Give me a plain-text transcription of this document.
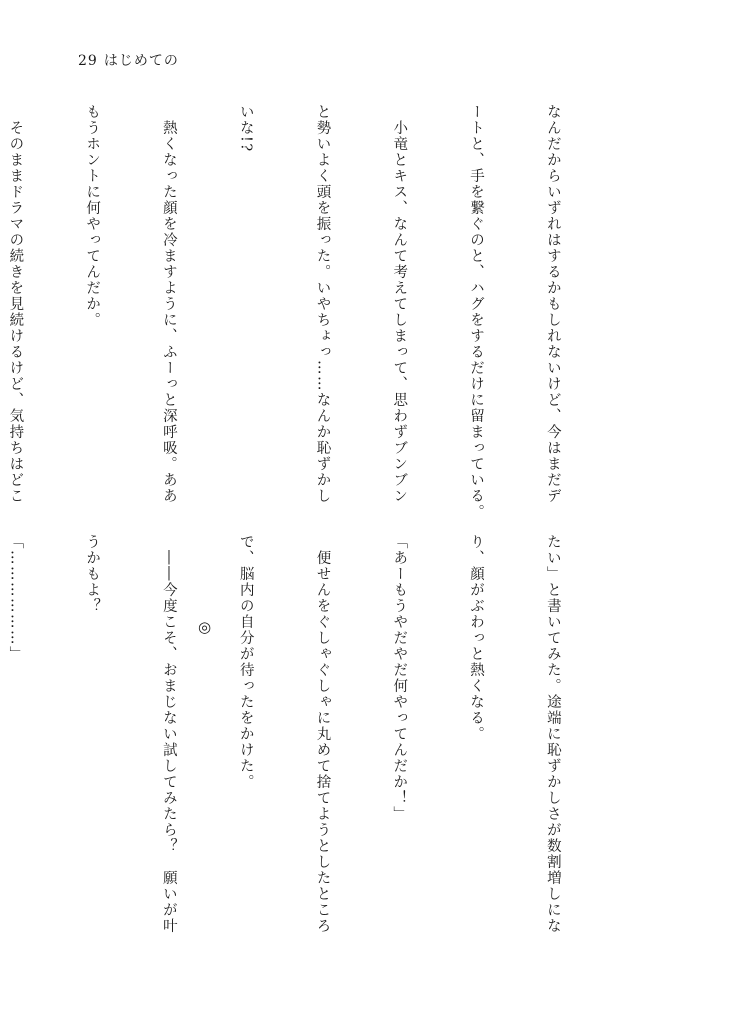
29 はじめての

なんだからいずれはするかもしれないけど、今はまだデ

ートと、手を繋ぐのと、ハグをするだけに留まっている。

　小竜とキス、なんて考えてしまって、思わずブンブン

と勢いよく頭を振った。いやちょっ……なんか恥ずかし

いな!?

　熱くなった顔を冷ますように、ふーっと深呼吸。ああ

もうホントに何やってんだか。

　そのままドラマの続きを見続けるけど、気持ちはどこ

たい」と書いてみた。途端に恥ずかしさが数割増しにな

り、顔がぶわっと熱くなる。

「あーもうやだやだ何やってんだか！」

　便せんをぐしゃぐしゃに丸めて捨てようとしたところ

で、脳内の自分が待ったをかけた。

　――今度こそ、おまじない試してみたら？　願いが叶

うかもよ？

「………………」

	◎
